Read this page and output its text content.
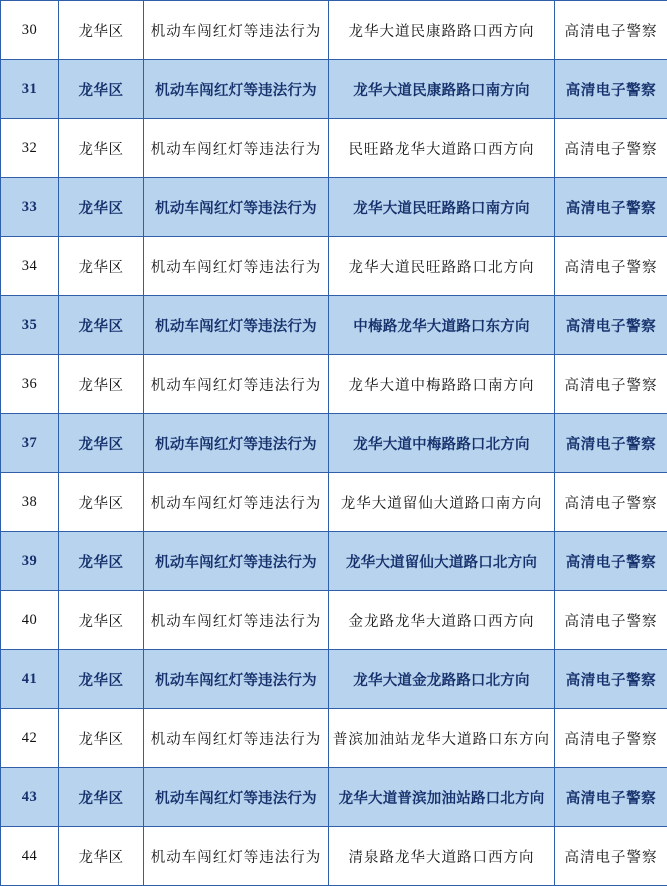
30	龙华区	机动车闯红灯等违法行为	龙华大道民康路路口西方向	高清电子警察
31	龙华区	机动车闯红灯等违法行为	龙华大道民康路路口南方向	高清电子警察
32	龙华区	机动车闯红灯等违法行为	民旺路龙华大道路口西方向	高清电子警察
33	龙华区	机动车闯红灯等违法行为	龙华大道民旺路路口南方向	高清电子警察
34	龙华区	机动车闯红灯等违法行为	龙华大道民旺路路口北方向	高清电子警察
35	龙华区	机动车闯红灯等违法行为	中梅路龙华大道路口东方向	高清电子警察
36	龙华区	机动车闯红灯等违法行为	龙华大道中梅路路口南方向	高清电子警察
37	龙华区	机动车闯红灯等违法行为	龙华大道中梅路路口北方向	高清电子警察
38	龙华区	机动车闯红灯等违法行为	龙华大道留仙大道路口南方向	高清电子警察
39	龙华区	机动车闯红灯等违法行为	龙华大道留仙大道路口北方向	高清电子警察
40	龙华区	机动车闯红灯等违法行为	金龙路龙华大道路口西方向	高清电子警察
41	龙华区	机动车闯红灯等违法行为	龙华大道金龙路路口北方向	高清电子警察
42	龙华区	机动车闯红灯等违法行为	普滨加油站龙华大道路口东方向	高清电子警察
43	龙华区	机动车闯红灯等违法行为	龙华大道普滨加油站路口北方向	高清电子警察
44	龙华区	机动车闯红灯等违法行为	清泉路龙华大道路口西方向	高清电子警察
